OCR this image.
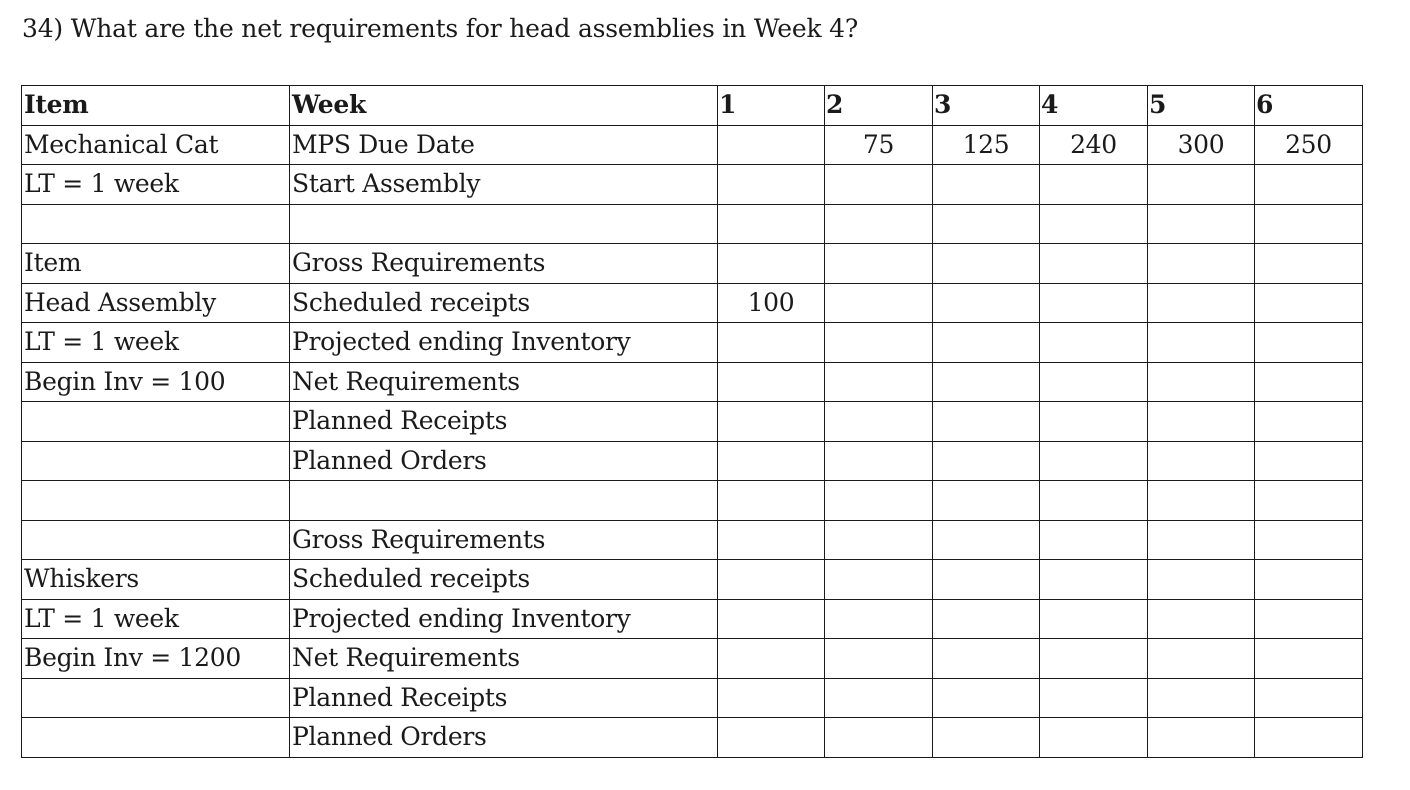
34) What are the net requirements for head assemblies in Week 4?
Item	Week	1	2	3	4	5	6
Mechanical Cat	MPS Due Date		75	125	240	300	250
LT = 1 week	Start Assembly						

Item	Gross Requirements						
Head Assembly	Scheduled receipts	100					
LT = 1 week	Projected ending Inventory						
Begin Inv = 100	Net Requirements						
	Planned Receipts						
	Planned Orders						

	Gross Requirements						
Whiskers	Scheduled receipts						
LT = 1 week	Projected ending Inventory						
Begin Inv = 1200	Net Requirements						
	Planned Receipts						
	Planned Orders						
